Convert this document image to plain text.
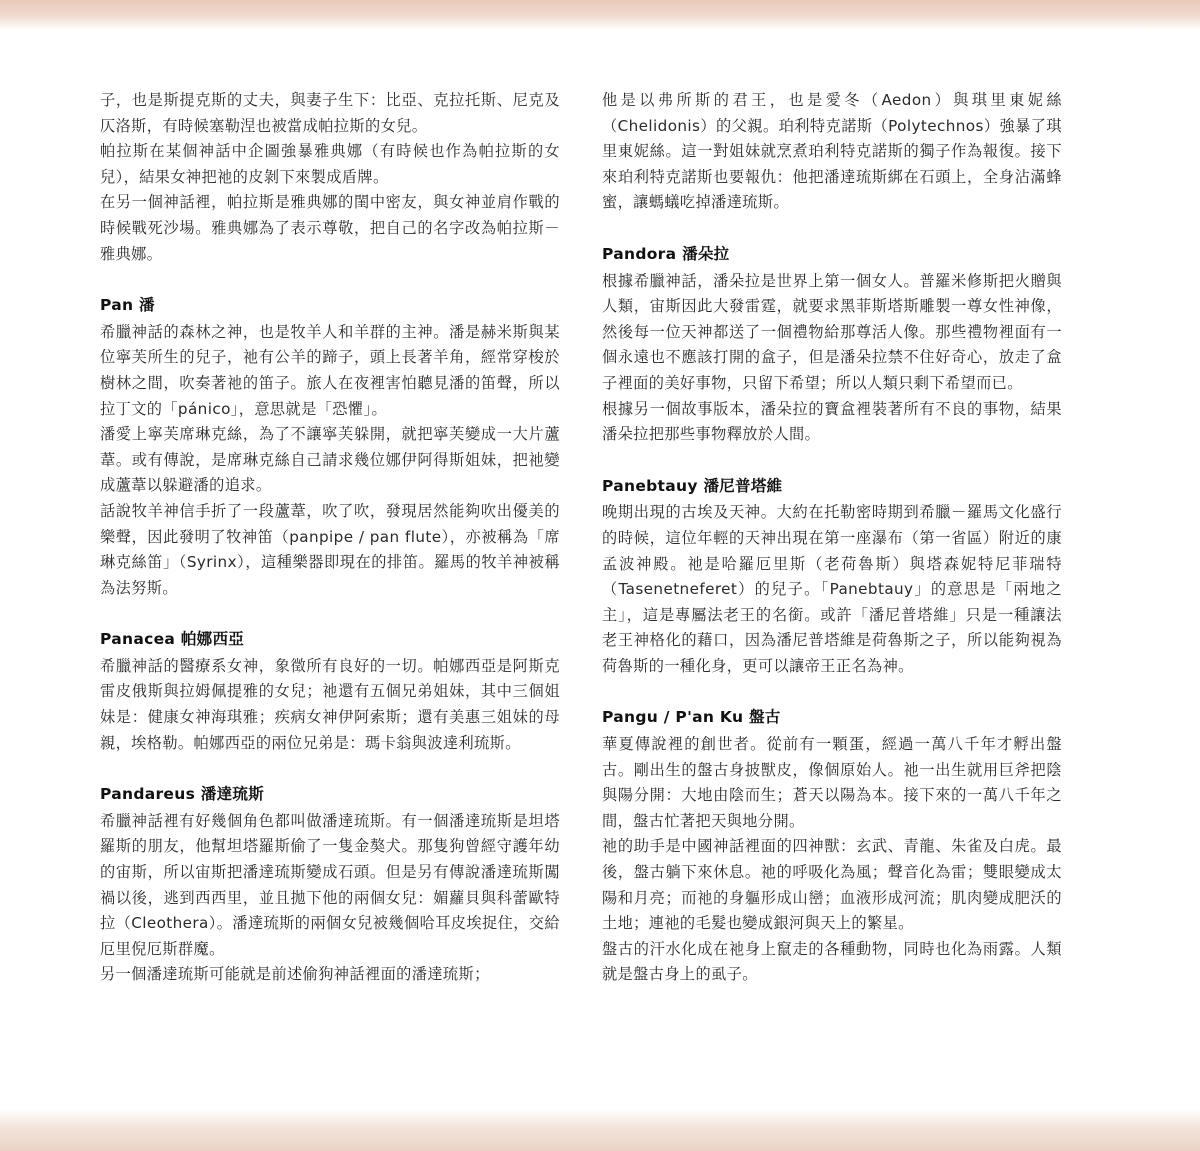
子，也是斯提克斯的丈夫，與妻子生下：比亞、克拉托斯、尼克及仄洛斯，有時候塞勒涅也被當成帕拉斯的女兒。

帕拉斯在某個神話中企圖強暴雅典娜（有時候也作為帕拉斯的女兒），結果女神把祂的皮剝下來製成盾牌。

在另一個神話裡，帕拉斯是雅典娜的閨中密友，與女神並肩作戰的時候戰死沙場。雅典娜為了表示尊敬，把自己的名字改為帕拉斯－雅典娜。

Pan 潘

希臘神話的森林之神，也是牧羊人和羊群的主神。潘是赫米斯與某位寧芙所生的兒子，祂有公羊的蹄子，頭上長著羊角，經常穿梭於樹林之間，吹奏著祂的笛子。旅人在夜裡害怕聽見潘的笛聲，所以拉丁文的「pánico」，意思就是「恐懼」。

潘愛上寧芙席琳克絲，為了不讓寧芙躲開，就把寧芙變成一大片蘆葦。或有傳說，是席琳克絲自己請求幾位娜伊阿得斯姐妹，把祂變成蘆葦以躲避潘的追求。

話說牧羊神信手折了一段蘆葦，吹了吹，發現居然能夠吹出優美的樂聲，因此發明了牧神笛（panpipe / pan flute），亦被稱為「席琳克絲笛」（Syrinx），這種樂器即現在的排笛。羅馬的牧羊神被稱為法努斯。

Panacea 帕娜西亞

希臘神話的醫療系女神，象徵所有良好的一切。帕娜西亞是阿斯克雷皮俄斯與拉姆佩提雅的女兒；祂還有五個兄弟姐妹，其中三個姐妹是：健康女神海琪雅；疾病女神伊阿索斯；還有美惠三姐妹的母親，埃格勒。帕娜西亞的兩位兄弟是：瑪卡翁與波達利琉斯。

Pandareus 潘達琉斯

希臘神話裡有好幾個角色都叫做潘達琉斯。有一個潘達琉斯是坦塔羅斯的朋友，他幫坦塔羅斯偷了一隻金獒犬。那隻狗曾經守護年幼的宙斯，所以宙斯把潘達琉斯變成石頭。但是另有傳說潘達琉斯闖禍以後，逃到西西里，並且拋下他的兩個女兒：媚蘿貝與科蕾歐特拉（Cleothera）。潘達琉斯的兩個女兒被幾個哈耳皮埃捉住，交給厄里倪厄斯群魔。

另一個潘達琉斯可能就是前述偷狗神話裡面的潘達琉斯；

他是以弗所斯的君王，也是愛冬（Aedon）與琪里東妮絲（Chelidonis）的父親。珀利特克諾斯（Polytechnos）強暴了琪里東妮絲。這一對姐妹就烹煮珀利特克諾斯的獨子作為報復。接下來珀利特克諾斯也要報仇：他把潘達琉斯綁在石頭上，全身沾滿蜂蜜，讓螞蟻吃掉潘達琉斯。

Pandora 潘朵拉

根據希臘神話，潘朵拉是世界上第一個女人。普羅米修斯把火贈與人類，宙斯因此大發雷霆，就要求黑菲斯塔斯雕製一尊女性神像，然後每一位天神都送了一個禮物給那尊活人像。那些禮物裡面有一個永遠也不應該打開的盒子，但是潘朵拉禁不住好奇心，放走了盒子裡面的美好事物，只留下希望；所以人類只剩下希望而已。

根據另一個故事版本，潘朵拉的寶盒裡裝著所有不良的事物，結果潘朵拉把那些事物釋放於人間。

Panebtauy 潘尼普塔維

晚期出現的古埃及天神。大約在托勒密時期到希臘－羅馬文化盛行的時候，這位年輕的天神出現在第一座瀑布（第一省區）附近的康孟波神殿。祂是哈羅厄里斯（老荷魯斯）與塔森妮特尼菲瑞特（Tasenetneferet）的兒子。「Panebtauy」的意思是「兩地之主」，這是專屬法老王的名銜。或許「潘尼普塔維」只是一種讓法老王神格化的藉口，因為潘尼普塔維是荷魯斯之子，所以能夠視為荷魯斯的一種化身，更可以讓帝王正名為神。

Pangu / P'an Ku 盤古

華夏傳說裡的創世者。從前有一顆蛋，經過一萬八千年才孵出盤古。剛出生的盤古身披獸皮，像個原始人。祂一出生就用巨斧把陰與陽分開：大地由陰而生；蒼天以陽為本。接下來的一萬八千年之間，盤古忙著把天與地分開。

祂的助手是中國神話裡面的四神獸：玄武、青龍、朱雀及白虎。最後，盤古躺下來休息。祂的呼吸化為風；聲音化為雷；雙眼變成太陽和月亮；而祂的身軀形成山巒；血液形成河流；肌肉變成肥沃的土地；連祂的毛髮也變成銀河與天上的繁星。

盤古的汗水化成在祂身上竄走的各種動物，同時也化為雨露。人類就是盤古身上的虱子。
